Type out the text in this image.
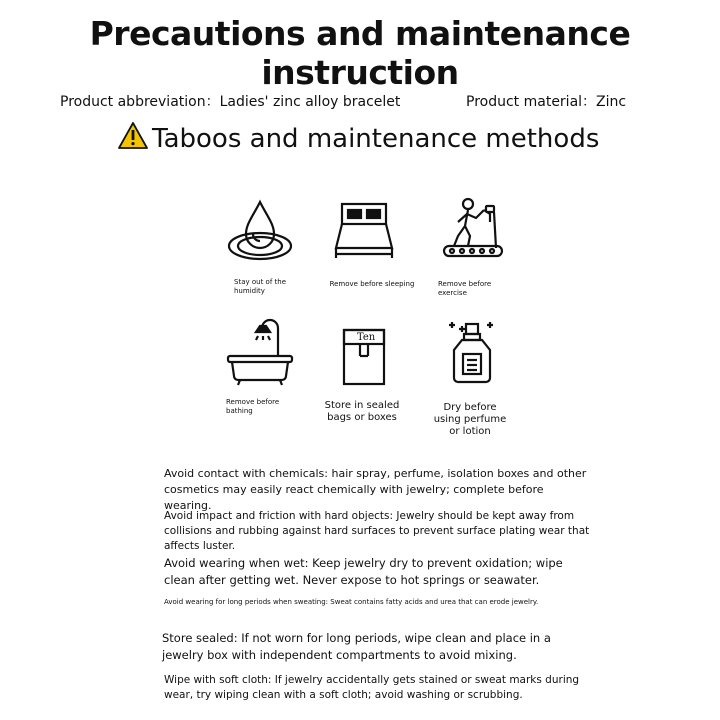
Precautions and maintenance instruction
Product abbreviation：Ladies' zinc alloy bracelet	Product material：Zinc
Taboos and maintenance methods
Stay out of the humidity
Remove before sleeping	Remove before exercise
Remove before bathing
Ten
Store in sealed bags or boxes
Dry before using perfume or lotion
Avoid contact with chemicals: hair spray, perfume, isolation boxes and other cosmetics may easily react chemically with jewelry; complete before wearing.
Avoid impact and friction with hard objects: Jewelry should be kept away from collisions and rubbing against hard surfaces to prevent surface plating wear that affects luster.
Avoid wearing when wet: Keep jewelry dry to prevent oxidation; wipe clean after getting wet. Never expose to hot springs or seawater.
Avoid wearing for long periods when sweating: Sweat contains fatty acids and urea that can erode jewelry.
Store sealed: If not worn for long periods, wipe clean and place in a jewelry box with independent compartments to avoid mixing.
Wipe with soft cloth: If jewelry accidentally gets stained or sweat marks during wear, try wiping clean with a soft cloth; avoid washing or scrubbing.
